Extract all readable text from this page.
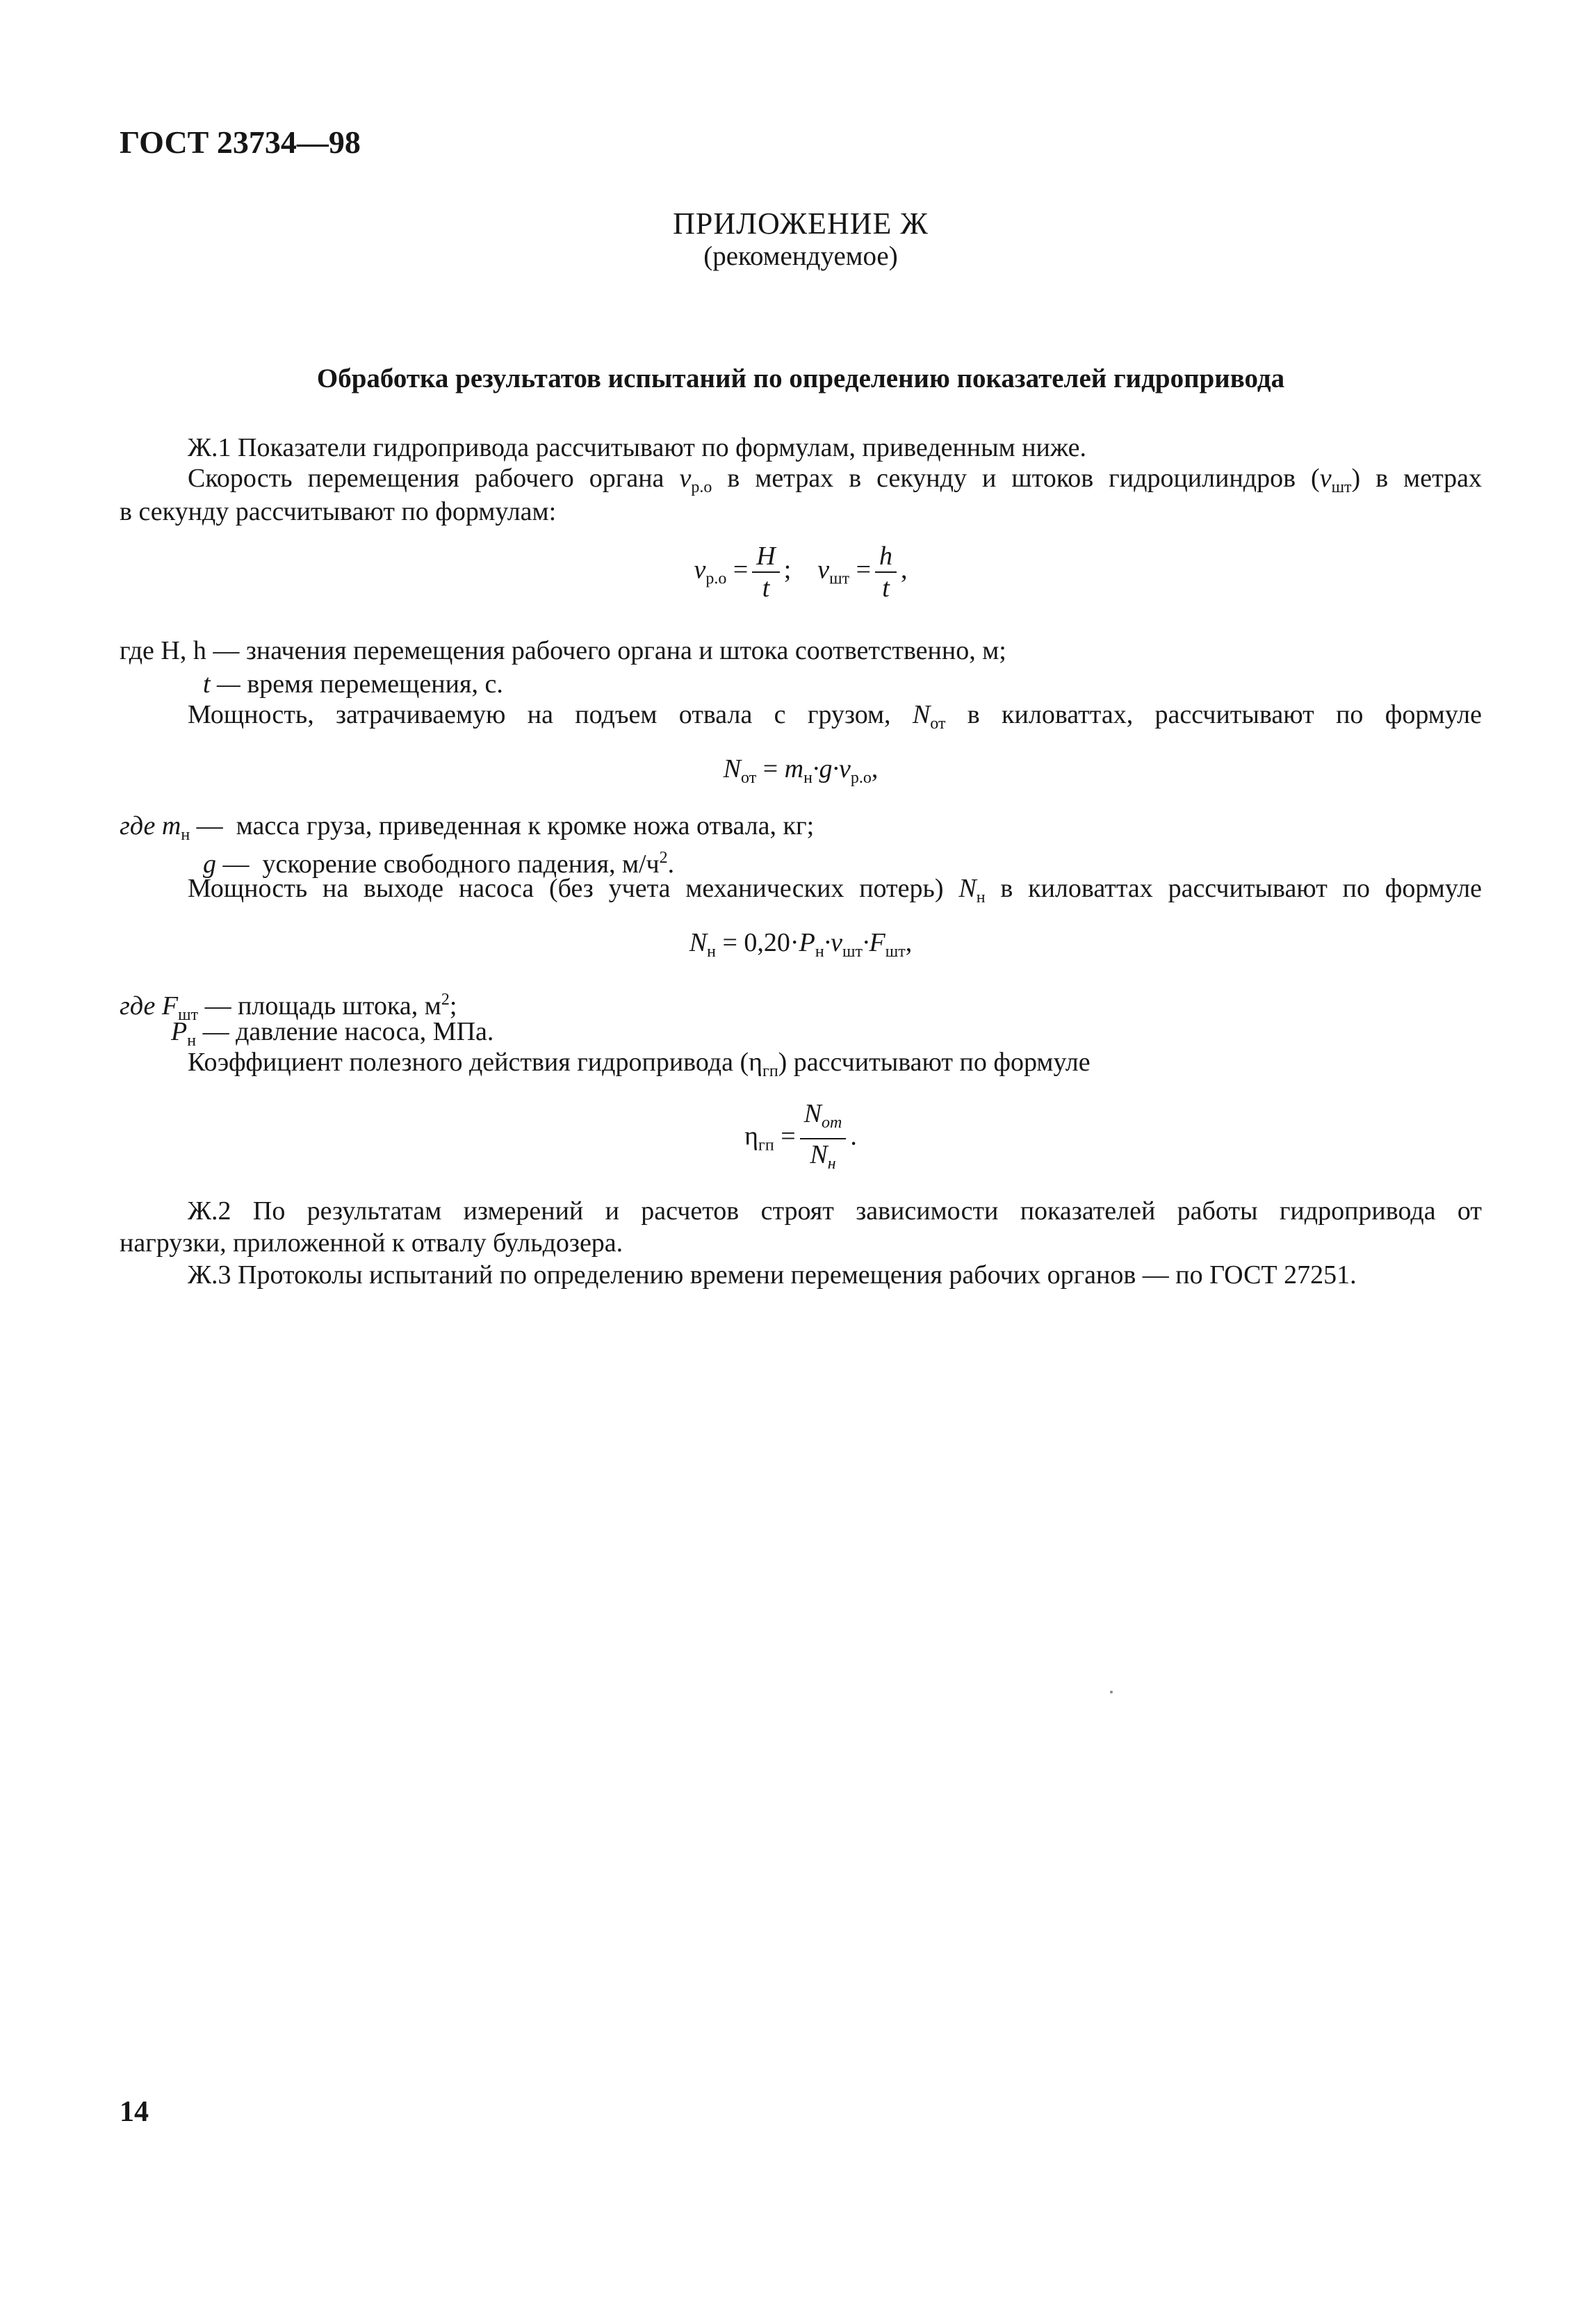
ГОСТ 23734—98
ПРИЛОЖЕНИЕ Ж
(рекомендуемое)
Обработка результатов испытаний по определению показателей гидропривода
Ж.1 Показатели гидропривода рассчитывают по формулам, приведенным ниже.
Скорость перемещения рабочего органа $v_{р.о}$ в метрах в секунду и штоков гидроцилиндров $(v_{шт})$ в метрах
в секунду рассчитывают по формулам:
$v_{р.о} = \frac{H}{t}$ ; $v_{шт} = \frac{h}{t}$ ,
где H, h — значения перемещения рабочего органа и штока соответственно, м;
t — время перемещения, с.
Мощность, затрачиваемую на подъем отвала с грузом, $N_{от}$ в киловаттах, рассчитывают по формуле
$N_{от} = m_н\cdot g\cdot v_{р.о}$,
где $m_н$ — масса груза, приведенная к кромке ножа отвала, кг;
g — ускорение свободного падения, $м/ч^2$.
Мощность на выходе насоса (без учета механических потерь) $N_н$ в киловаттах рассчитывают по формуле
$N_н = 0,20\cdot P_н\cdot v_{шт}\cdot F_{шт}$,
где $F_{шт}$ — площадь штока, $м^2$;
$P_н$ — давление насоса, МПа.
Коэффициент полезного действия гидропривода $(\eta_{гп})$ рассчитывают по формуле
$\eta_{гп} = \frac{N_{от}}{N_н}$ .
Ж.2 По результатам измерений и расчетов строят зависимости показателей работы гидропривода от
нагрузки, приложенной к отвалу бульдозера.
Ж.3 Протоколы испытаний по определению времени перемещения рабочих органов — по ГОСТ 27251.
14
